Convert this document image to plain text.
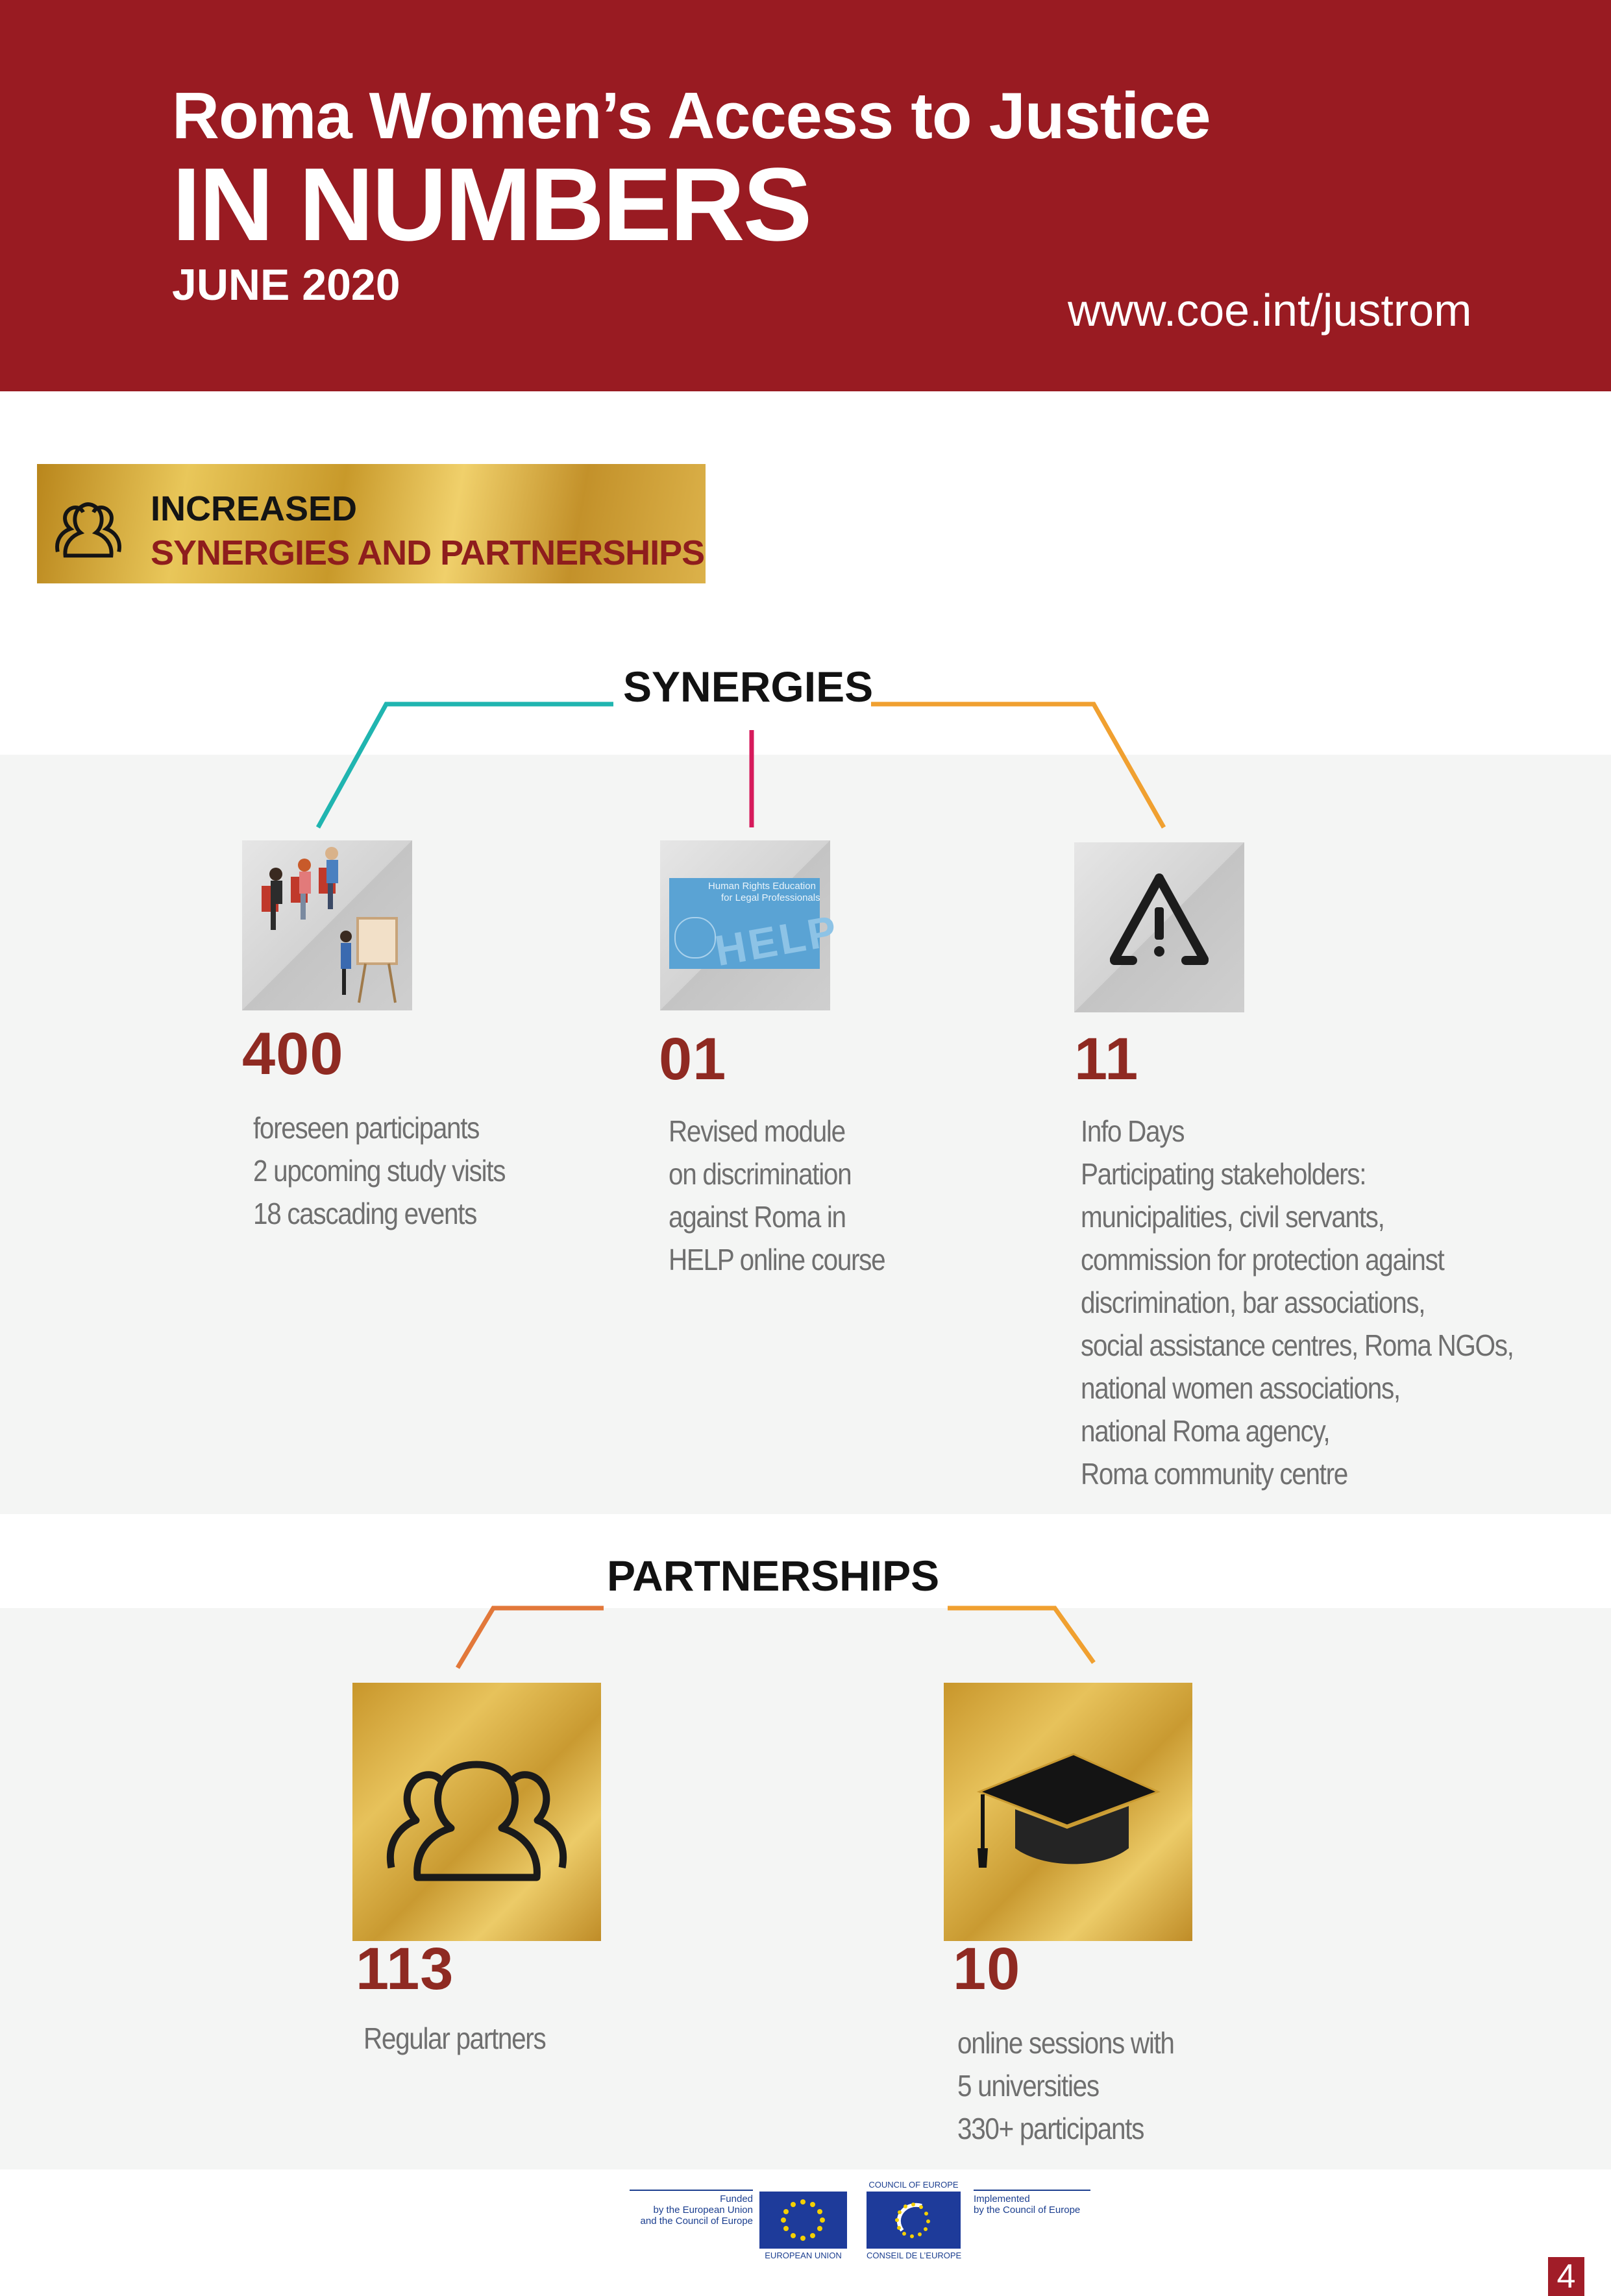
Roma Women’s Access to Justice
IN NUMBERS
JUNE 2020	www.coe.int/justrom
INCREASED
SYNERGIES AND PARTNERSHIPS
SYNERGIES
PARTNERSHIPS
400
foreseen participants
2 upcoming study visits
18 cascading events
Human Rights Education
for Legal Professionals
HELP
01
Revised module
on discrimination
against Roma in
HELP online course
11
Info Days
Participating stakeholders:
municipalities, civil servants,
commission for protection against
discrimination, bar associations,
social assistance centres, Roma NGOs,
national women associations,
national Roma agency,
Roma community centre
113
Regular partners
10
online sessions with
5 universities
330+ participants
Funded
by the European Union
and the Council of Europe
EUROPEAN UNION
COUNCIL OF EUROPE
CONSEIL DE L’EUROPE
Implemented
by the Council of Europe
4
